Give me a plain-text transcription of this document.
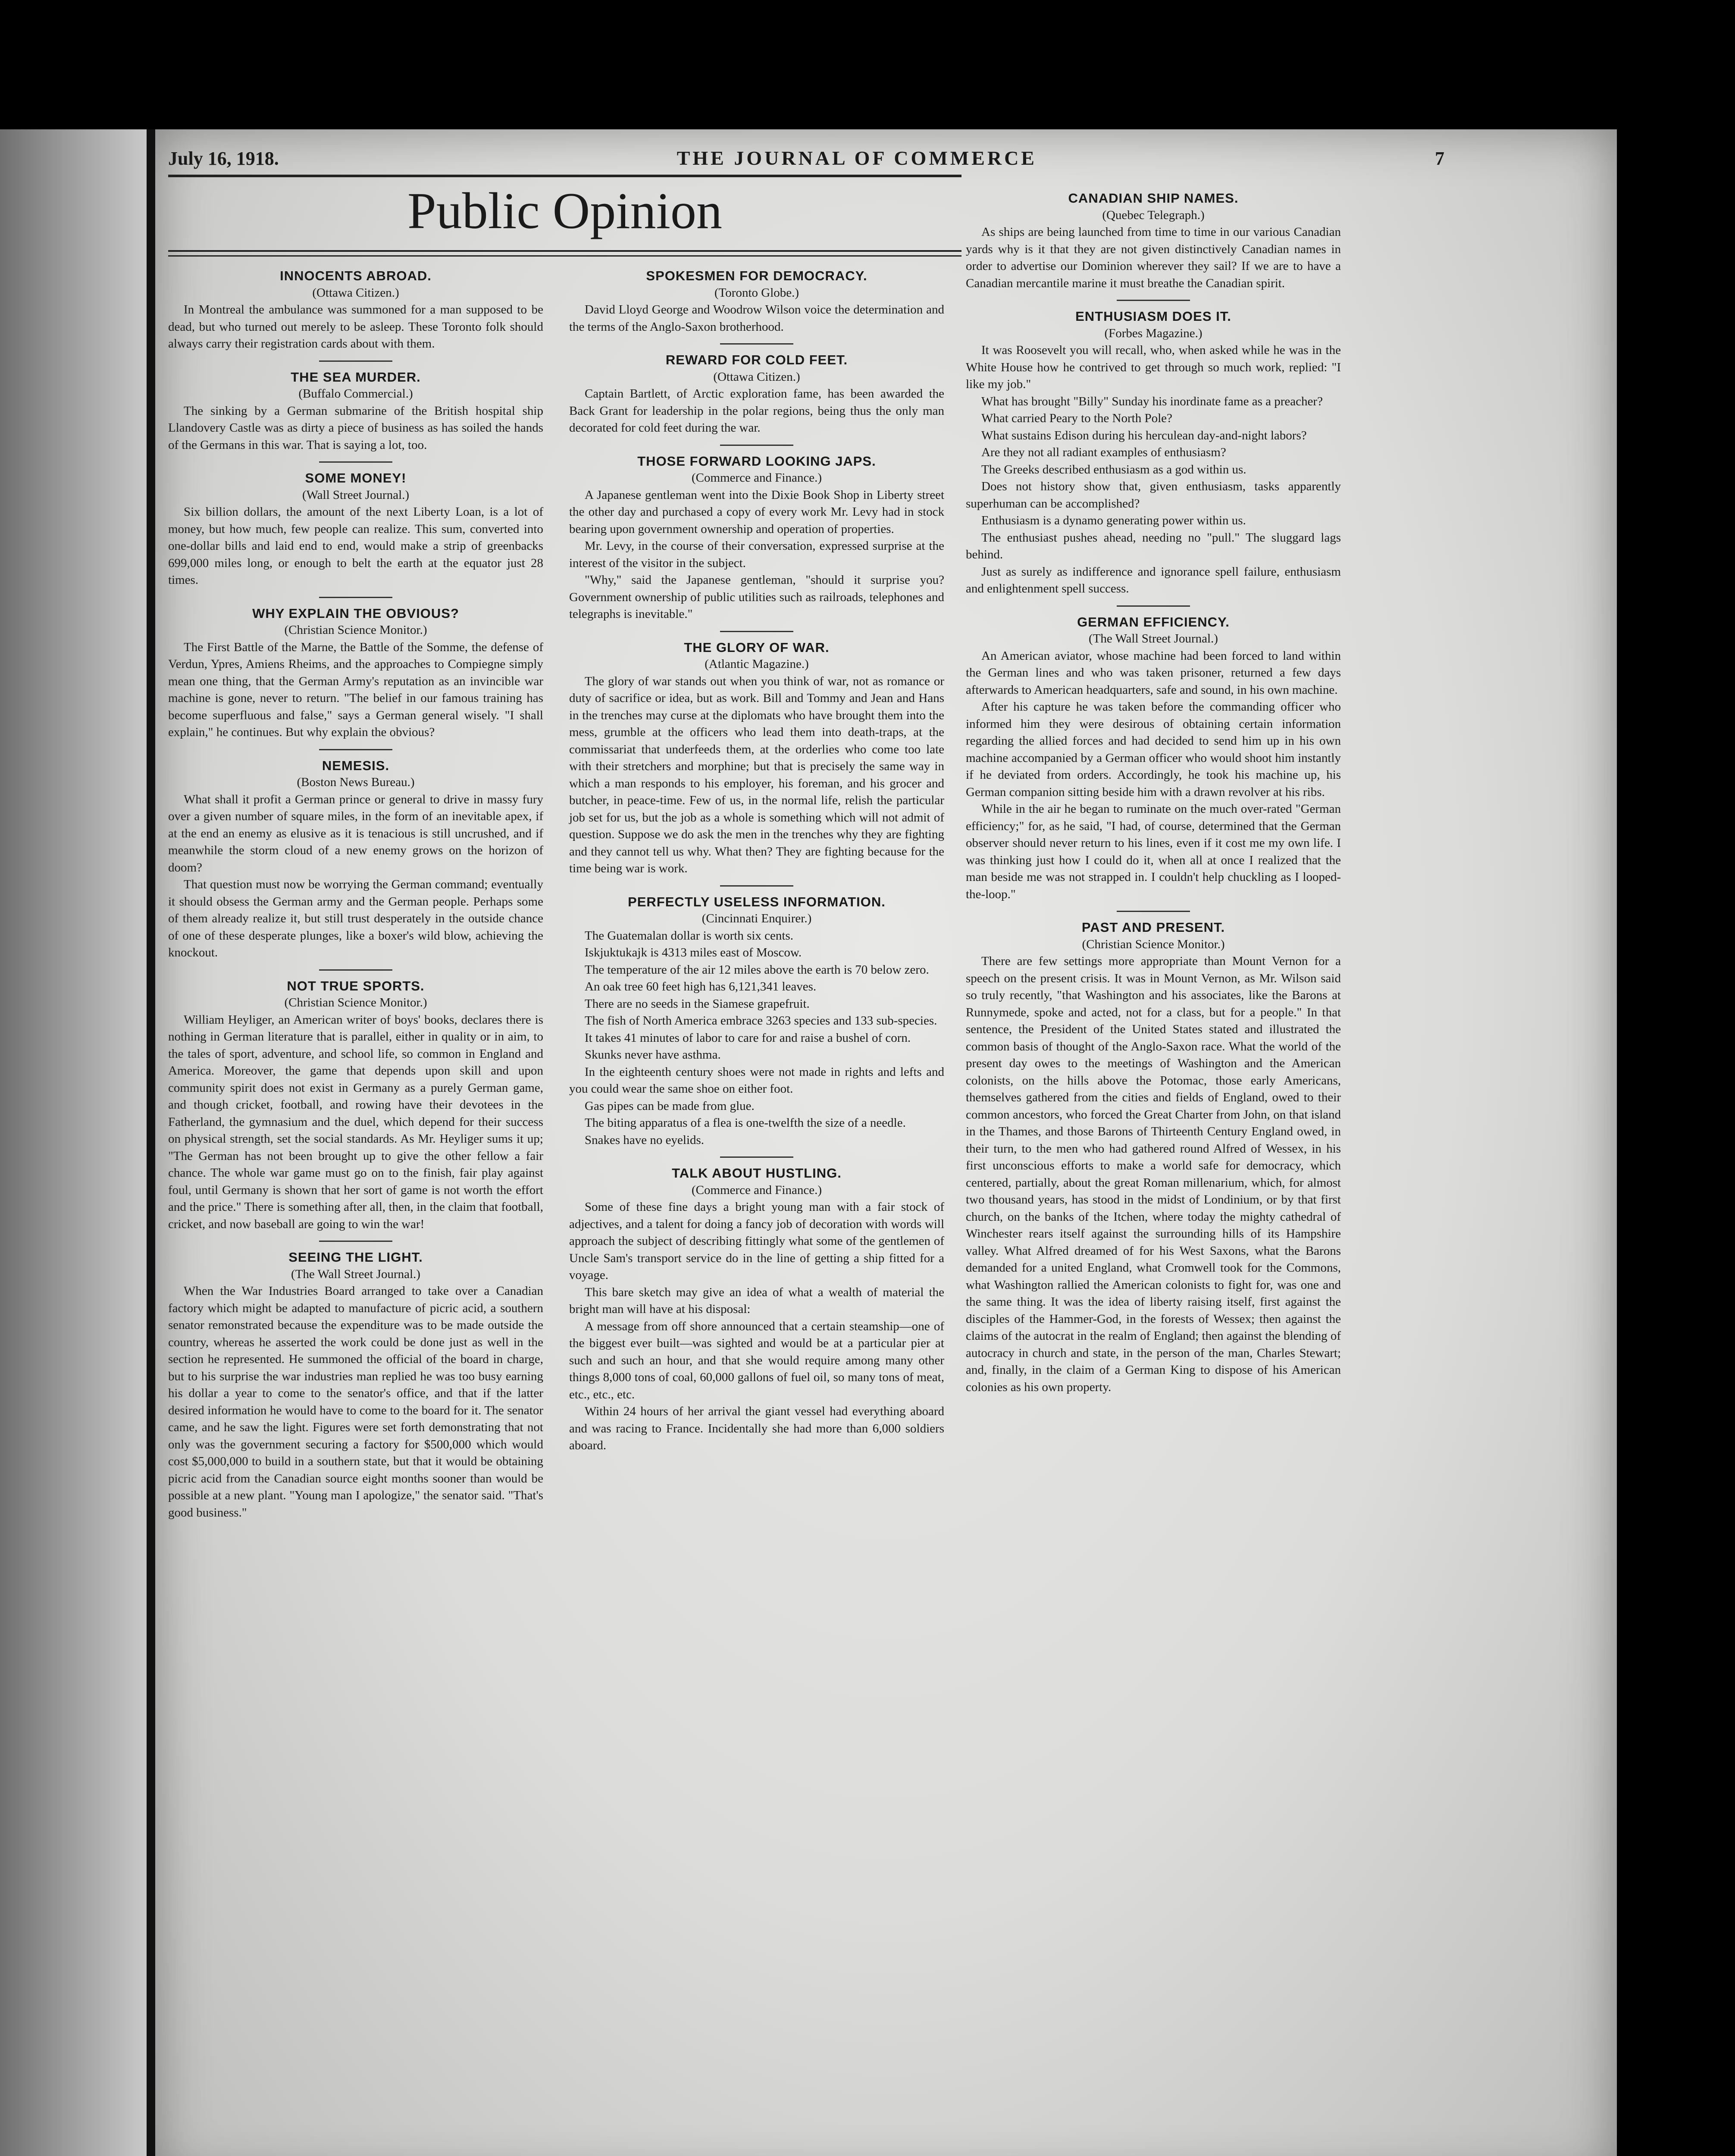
July 16, 1918.	THE JOURNAL OF COMMERCE	7
Public Opinion

INNOCENTS ABROAD.

(Ottawa Citizen.)

In Montreal the ambulance was summoned for a man supposed to be dead, but who turned out merely to be asleep. These Toronto folk should always carry their registration cards about with them.

THE SEA MURDER.

(Buffalo Commercial.)

The sinking by a German submarine of the British hospital ship Llandovery Castle was as dirty a piece of business as has soiled the hands of the Germans in this war. That is saying a lot, too.

SOME MONEY!

(Wall Street Journal.)

Six billion dollars, the amount of the next Liberty Loan, is a lot of money, but how much, few people can realize. This sum, converted into one-dollar bills and laid end to end, would make a strip of greenbacks 699,000 miles long, or enough to belt the earth at the equator just 28 times.

WHY EXPLAIN THE OBVIOUS?

(Christian Science Monitor.)

The First Battle of the Marne, the Battle of the Somme, the defense of Verdun, Ypres, Amiens Rheims, and the approaches to Compiegne simply mean one thing, that the German Army's reputation as an invincible war machine is gone, never to return. "The belief in our famous training has become superfluous and false," says a German general wisely. "I shall explain," he continues. But why explain the obvious?

NEMESIS.

(Boston News Bureau.)

What shall it profit a German prince or general to drive in massy fury over a given number of square miles, in the form of an inevitable apex, if at the end an enemy as elusive as it is tenacious is still uncrushed, and if meanwhile the storm cloud of a new enemy grows on the horizon of doom?

That question must now be worrying the German command; eventually it should obsess the German army and the German people. Perhaps some of them already realize it, but still trust desperately in the outside chance of one of these desperate plunges, like a boxer's wild blow, achieving the knockout.

NOT TRUE SPORTS.

(Christian Science Monitor.)

William Heyliger, an American writer of boys' books, declares there is nothing in German literature that is parallel, either in quality or in aim, to the tales of sport, adventure, and school life, so common in England and America. Moreover, the game that depends upon skill and upon community spirit does not exist in Germany as a purely German game, and though cricket, football, and rowing have their devotees in the Fatherland, the gymnasium and the duel, which depend for their success on physical strength, set the social standards. As Mr. Heyliger sums it up; "The German has not been brought up to give the other fellow a fair chance. The whole war game must go on to the finish, fair play against foul, until Germany is shown that her sort of game is not worth the effort and the price." There is something after all, then, in the claim that football, cricket, and now baseball are going to win the war!

SEEING THE LIGHT.

(The Wall Street Journal.)

When the War Industries Board arranged to take over a Canadian factory which might be adapted to manufacture of picric acid, a southern senator remonstrated because the expenditure was to be made outside the country, whereas he asserted the work could be done just as well in the section he represented. He summoned the official of the board in charge, but to his surprise the war industries man replied he was too busy earning his dollar a year to come to the senator's office, and that if the latter desired information he would have to come to the board for it. The senator came, and he saw the light. Figures were set forth demonstrating that not only was the government securing a factory for $500,000 which would cost $5,000,000 to build in a southern state, but that it would be obtaining picric acid from the Canadian source eight months sooner than would be possible at a new plant. "Young man I apologize," the senator said. "That's good business."

SPOKESMEN FOR DEMOCRACY.

(Toronto Globe.)

David Lloyd George and Woodrow Wilson voice the determination and the terms of the Anglo-Saxon brotherhood.

REWARD FOR COLD FEET.

(Ottawa Citizen.)

Captain Bartlett, of Arctic exploration fame, has been awarded the Back Grant for leadership in the polar regions, being thus the only man decorated for cold feet during the war.

THOSE FORWARD LOOKING JAPS.

(Commerce and Finance.)

A Japanese gentleman went into the Dixie Book Shop in Liberty street the other day and purchased a copy of every work Mr. Levy had in stock bearing upon government ownership and operation of properties.

Mr. Levy, in the course of their conversation, expressed surprise at the interest of the visitor in the subject.

"Why," said the Japanese gentleman, "should it surprise you? Government ownership of public utilities such as railroads, telephones and telegraphs is inevitable."

THE GLORY OF WAR.

(Atlantic Magazine.)

The glory of war stands out when you think of war, not as romance or duty of sacrifice or idea, but as work. Bill and Tommy and Jean and Hans in the trenches may curse at the diplomats who have brought them into the mess, grumble at the officers who lead them into death-traps, at the commissariat that underfeeds them, at the orderlies who come too late with their stretchers and morphine; but that is precisely the same way in which a man responds to his employer, his foreman, and his grocer and butcher, in peace-time. Few of us, in the normal life, relish the particular job set for us, but the job as a whole is something which will not admit of question. Suppose we do ask the men in the trenches why they are fighting and they cannot tell us why. What then? They are fighting because for the time being war is work.

PERFECTLY USELESS INFORMATION.

(Cincinnati Enquirer.)

The Guatemalan dollar is worth six cents.

Iskjuktukajk is 4313 miles east of Moscow.

The temperature of the air 12 miles above the earth is 70 below zero.

An oak tree 60 feet high has 6,121,341 leaves.

There are no seeds in the Siamese grapefruit.

The fish of North America embrace 3263 species and 133 sub-species.

It takes 41 minutes of labor to care for and raise a bushel of corn.

Skunks never have asthma.

In the eighteenth century shoes were not made in rights and lefts and you could wear the same shoe on either foot.

Gas pipes can be made from glue.

The biting apparatus of a flea is one-twelfth the size of a needle.

Snakes have no eyelids.

TALK ABOUT HUSTLING.

(Commerce and Finance.)

Some of these fine days a bright young man with a fair stock of adjectives, and a talent for doing a fancy job of decoration with words will approach the subject of describing fittingly what some of the gentlemen of Uncle Sam's transport service do in the line of getting a ship fitted for a voyage.

This bare sketch may give an idea of what a wealth of material the bright man will have at his disposal:

A message from off shore announced that a certain steamship—one of the biggest ever built—was sighted and would be at a particular pier at such and such an hour, and that she would require among many other things 8,000 tons of coal, 60,000 gallons of fuel oil, so many tons of meat, etc., etc., etc.

Within 24 hours of her arrival the giant vessel had everything aboard and was racing to France. Incidentally she had more than 6,000 soldiers aboard.

CANADIAN SHIP NAMES.

(Quebec Telegraph.)

As ships are being launched from time to time in our various Canadian yards why is it that they are not given distinctively Canadian names in order to advertise our Dominion wherever they sail? If we are to have a Canadian mercantile marine it must breathe the Canadian spirit.

ENTHUSIASM DOES IT.

(Forbes Magazine.)

It was Roosevelt you will recall, who, when asked while he was in the White House how he contrived to get through so much work, replied: "I like my job."

What has brought "Billy" Sunday his inordinate fame as a preacher?

What carried Peary to the North Pole?

What sustains Edison during his herculean day-and-night labors?

Are they not all radiant examples of enthusiasm?

The Greeks described enthusiasm as a god within us.

Does not history show that, given enthusiasm, tasks apparently superhuman can be accomplished?

Enthusiasm is a dynamo generating power within us.

The enthusiast pushes ahead, needing no "pull." The sluggard lags behind.

Just as surely as indifference and ignorance spell failure, enthusiasm and enlightenment spell success.

GERMAN EFFICIENCY.

(The Wall Street Journal.)

An American aviator, whose machine had been forced to land within the German lines and who was taken prisoner, returned a few days afterwards to American headquarters, safe and sound, in his own machine.

After his capture he was taken before the commanding officer who informed him they were desirous of obtaining certain information regarding the allied forces and had decided to send him up in his own machine accompanied by a German officer who would shoot him instantly if he deviated from orders. Accordingly, he took his machine up, his German companion sitting beside him with a drawn revolver at his ribs.

While in the air he began to ruminate on the much over-rated "German efficiency;" for, as he said, "I had, of course, determined that the German observer should never return to his lines, even if it cost me my own life. I was thinking just how I could do it, when all at once I realized that the man beside me was not strapped in. I couldn't help chuckling as I looped-the-loop."

PAST AND PRESENT.

(Christian Science Monitor.)

There are few settings more appropriate than Mount Vernon for a speech on the present crisis. It was in Mount Vernon, as Mr. Wilson said so truly recently, "that Washington and his associates, like the Barons at Runnymede, spoke and acted, not for a class, but for a people." In that sentence, the President of the United States stated and illustrated the common basis of thought of the Anglo-Saxon race. What the world of the present day owes to the meetings of Washington and the American colonists, on the hills above the Potomac, those early Americans, themselves gathered from the cities and fields of England, owed to their common ancestors, who forced the Great Charter from John, on that island in the Thames, and those Barons of Thirteenth Century England owed, in their turn, to the men who had gathered round Alfred of Wessex, in his first unconscious efforts to make a world safe for democracy, which centered, partially, about the great Roman millenarium, which, for almost two thousand years, has stood in the midst of Londinium, or by that first church, on the banks of the Itchen, where today the mighty cathedral of Winchester rears itself against the surrounding hills of its Hampshire valley. What Alfred dreamed of for his West Saxons, what the Barons demanded for a united England, what Cromwell took for the Commons, what Washington rallied the American colonists to fight for, was one and the same thing. It was the idea of liberty raising itself, first against the disciples of the Hammer-God, in the forests of Wessex; then against the claims of the autocrat in the realm of England; then against the blending of autocracy in church and state, in the person of the man, Charles Stewart; and, finally, in the claim of a German King to dispose of his American colonies as his own property.
